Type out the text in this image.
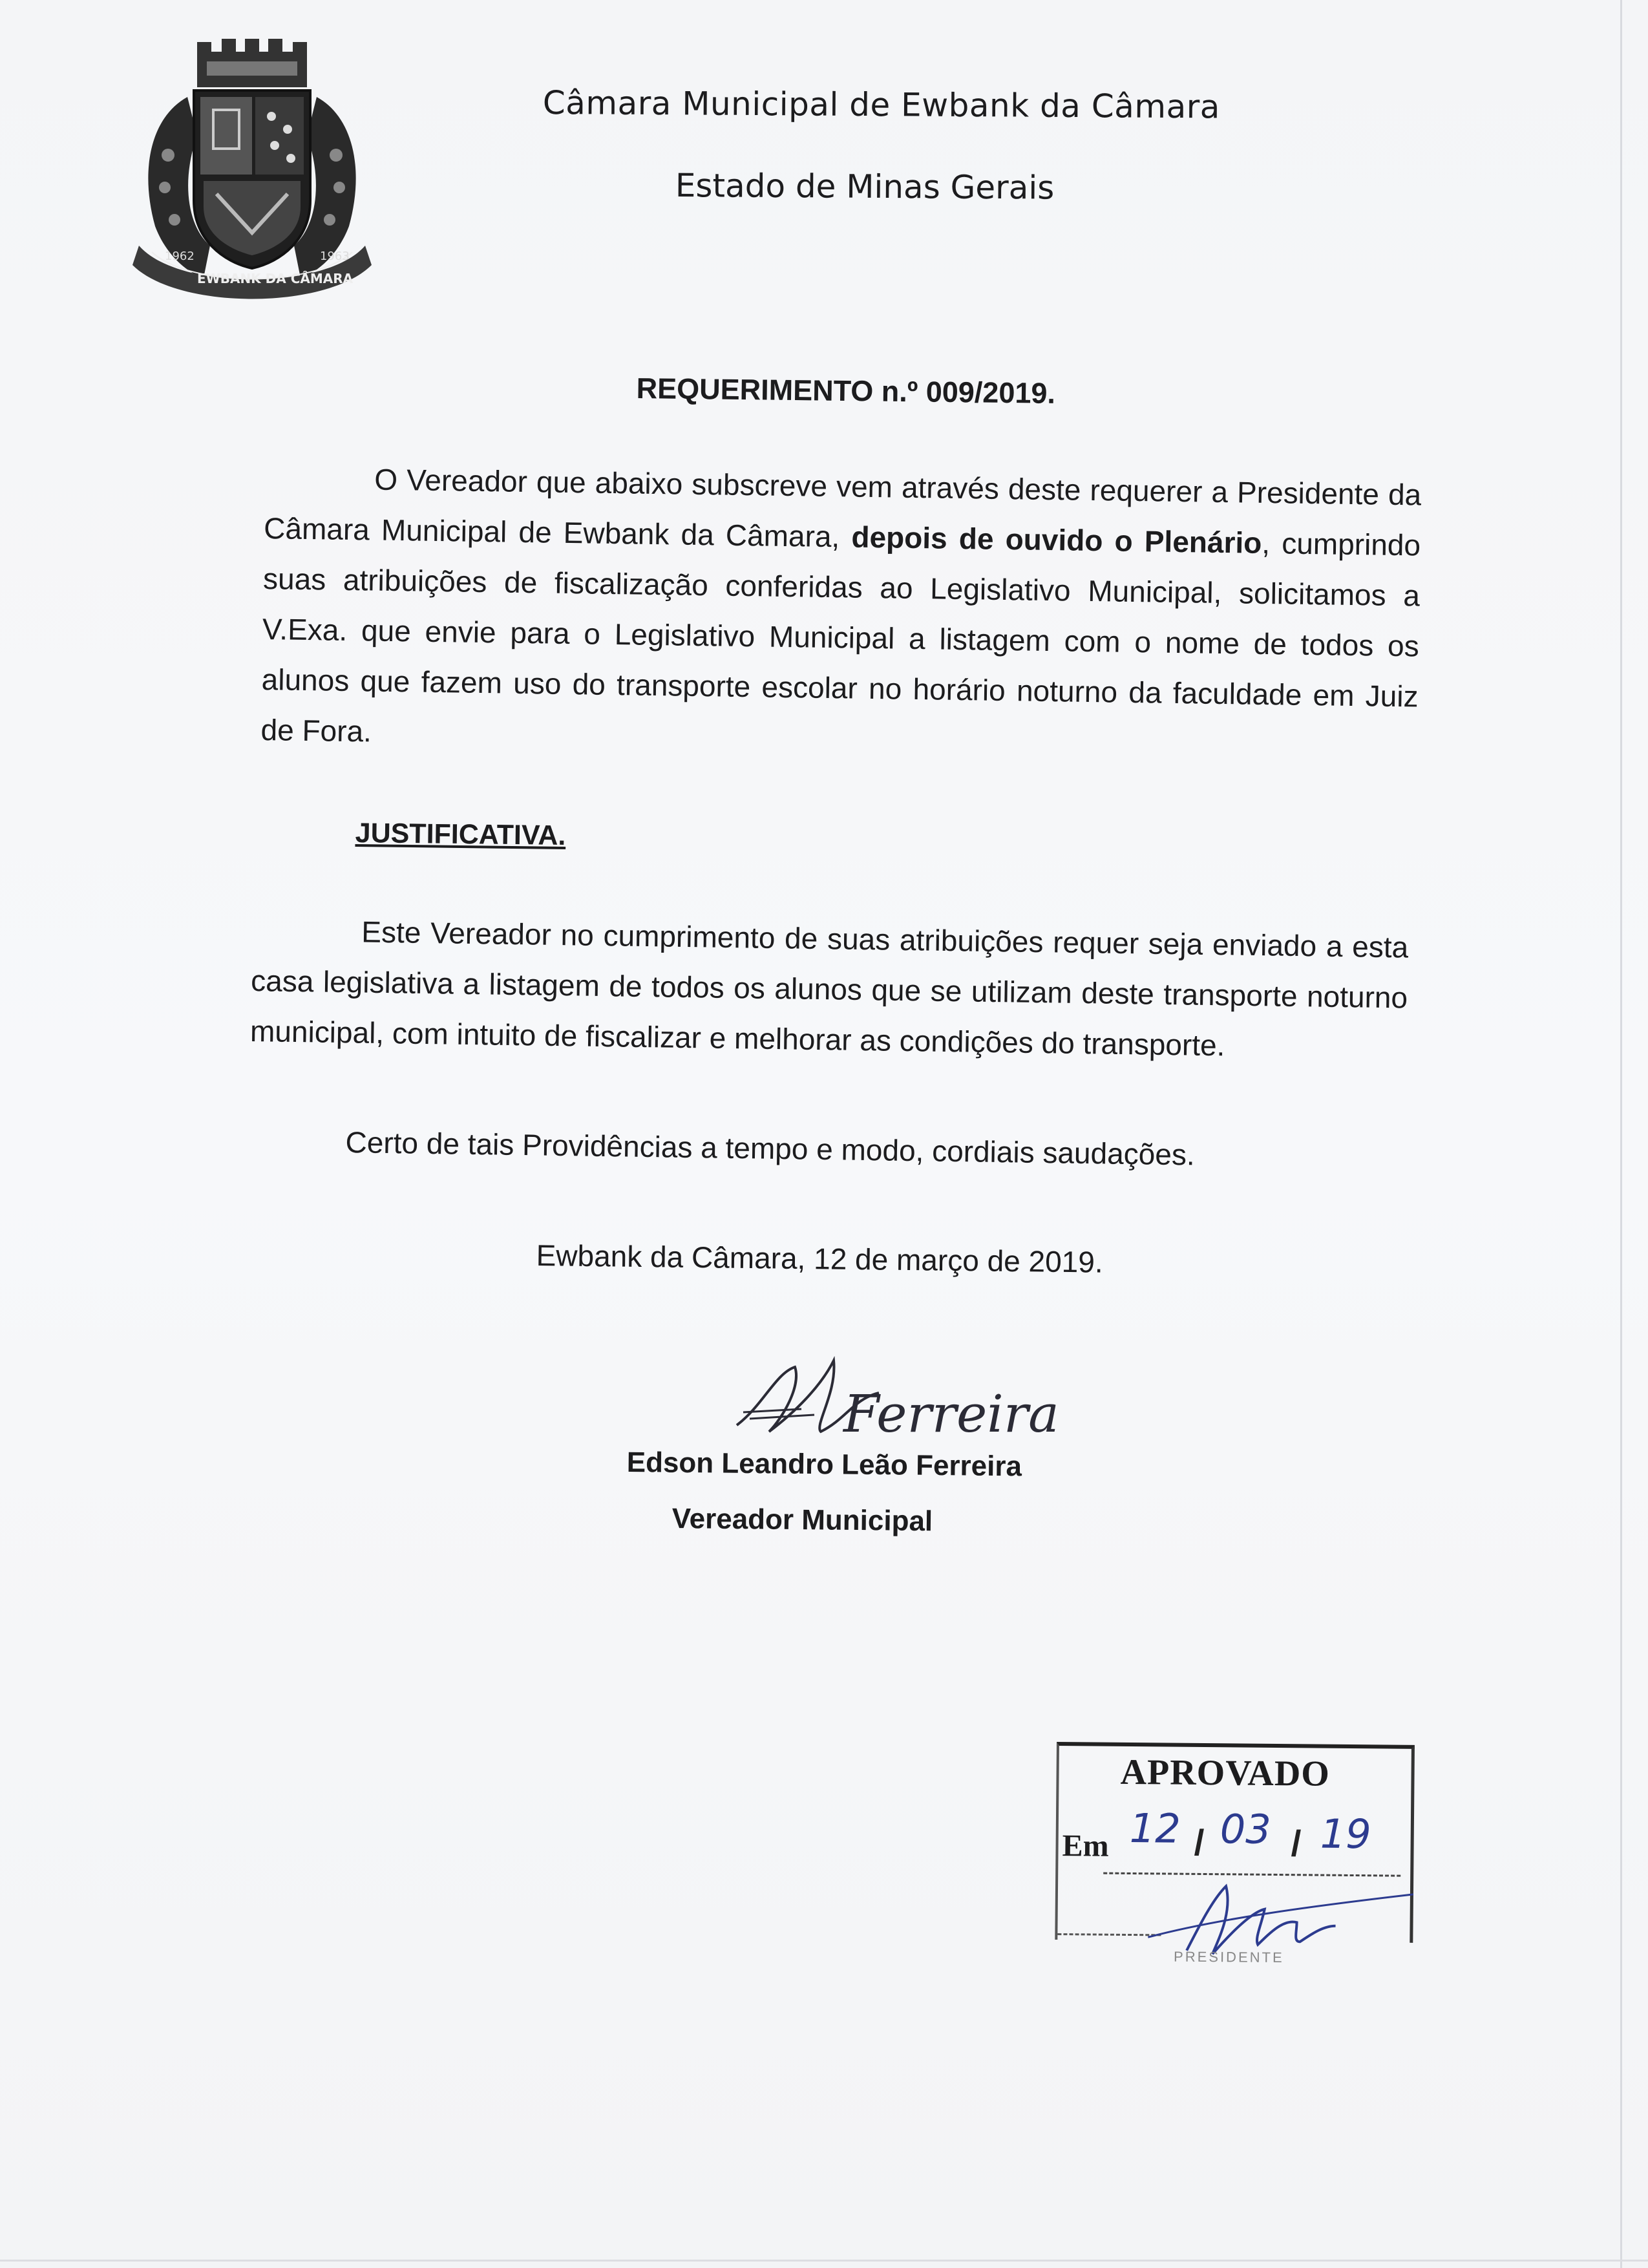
1962	1963
EWBANK DA CÂMARA
Câmara Municipal de Ewbank da Câmara
Estado de Minas Gerais
REQUERIMENTO n.º 009/2019.

O Vereador que abaixo subscreve vem através deste requerer a Presidente da Câmara Municipal de Ewbank da Câmara, depois de ouvido o Plenário, cumprindo suas atribuições de fiscalização conferidas ao Legislativo Municipal, solicitamos a V.Exa. que envie para o Legislativo Municipal a listagem com o nome de todos os alunos que fazem uso do transporte escolar no horário noturno da faculdade em Juiz de Fora.

JUSTIFICATIVA.

Este Vereador no cumprimento de suas atribuições requer seja enviado a esta casa legislativa a listagem de todos os alunos que se utilizam deste transporte noturno municipal, com intuito de fiscalizar e melhorar as condições do transporte.

Certo de tais Providências a tempo e modo, cordiais saudações.
Ewbank da Câmara, 12 de março de 2019.
Ferreira
Edson Leandro Leão Ferreira
Vereador Municipal
APROVADO
Em 12 / 03 / 19
PRESIDENTE
